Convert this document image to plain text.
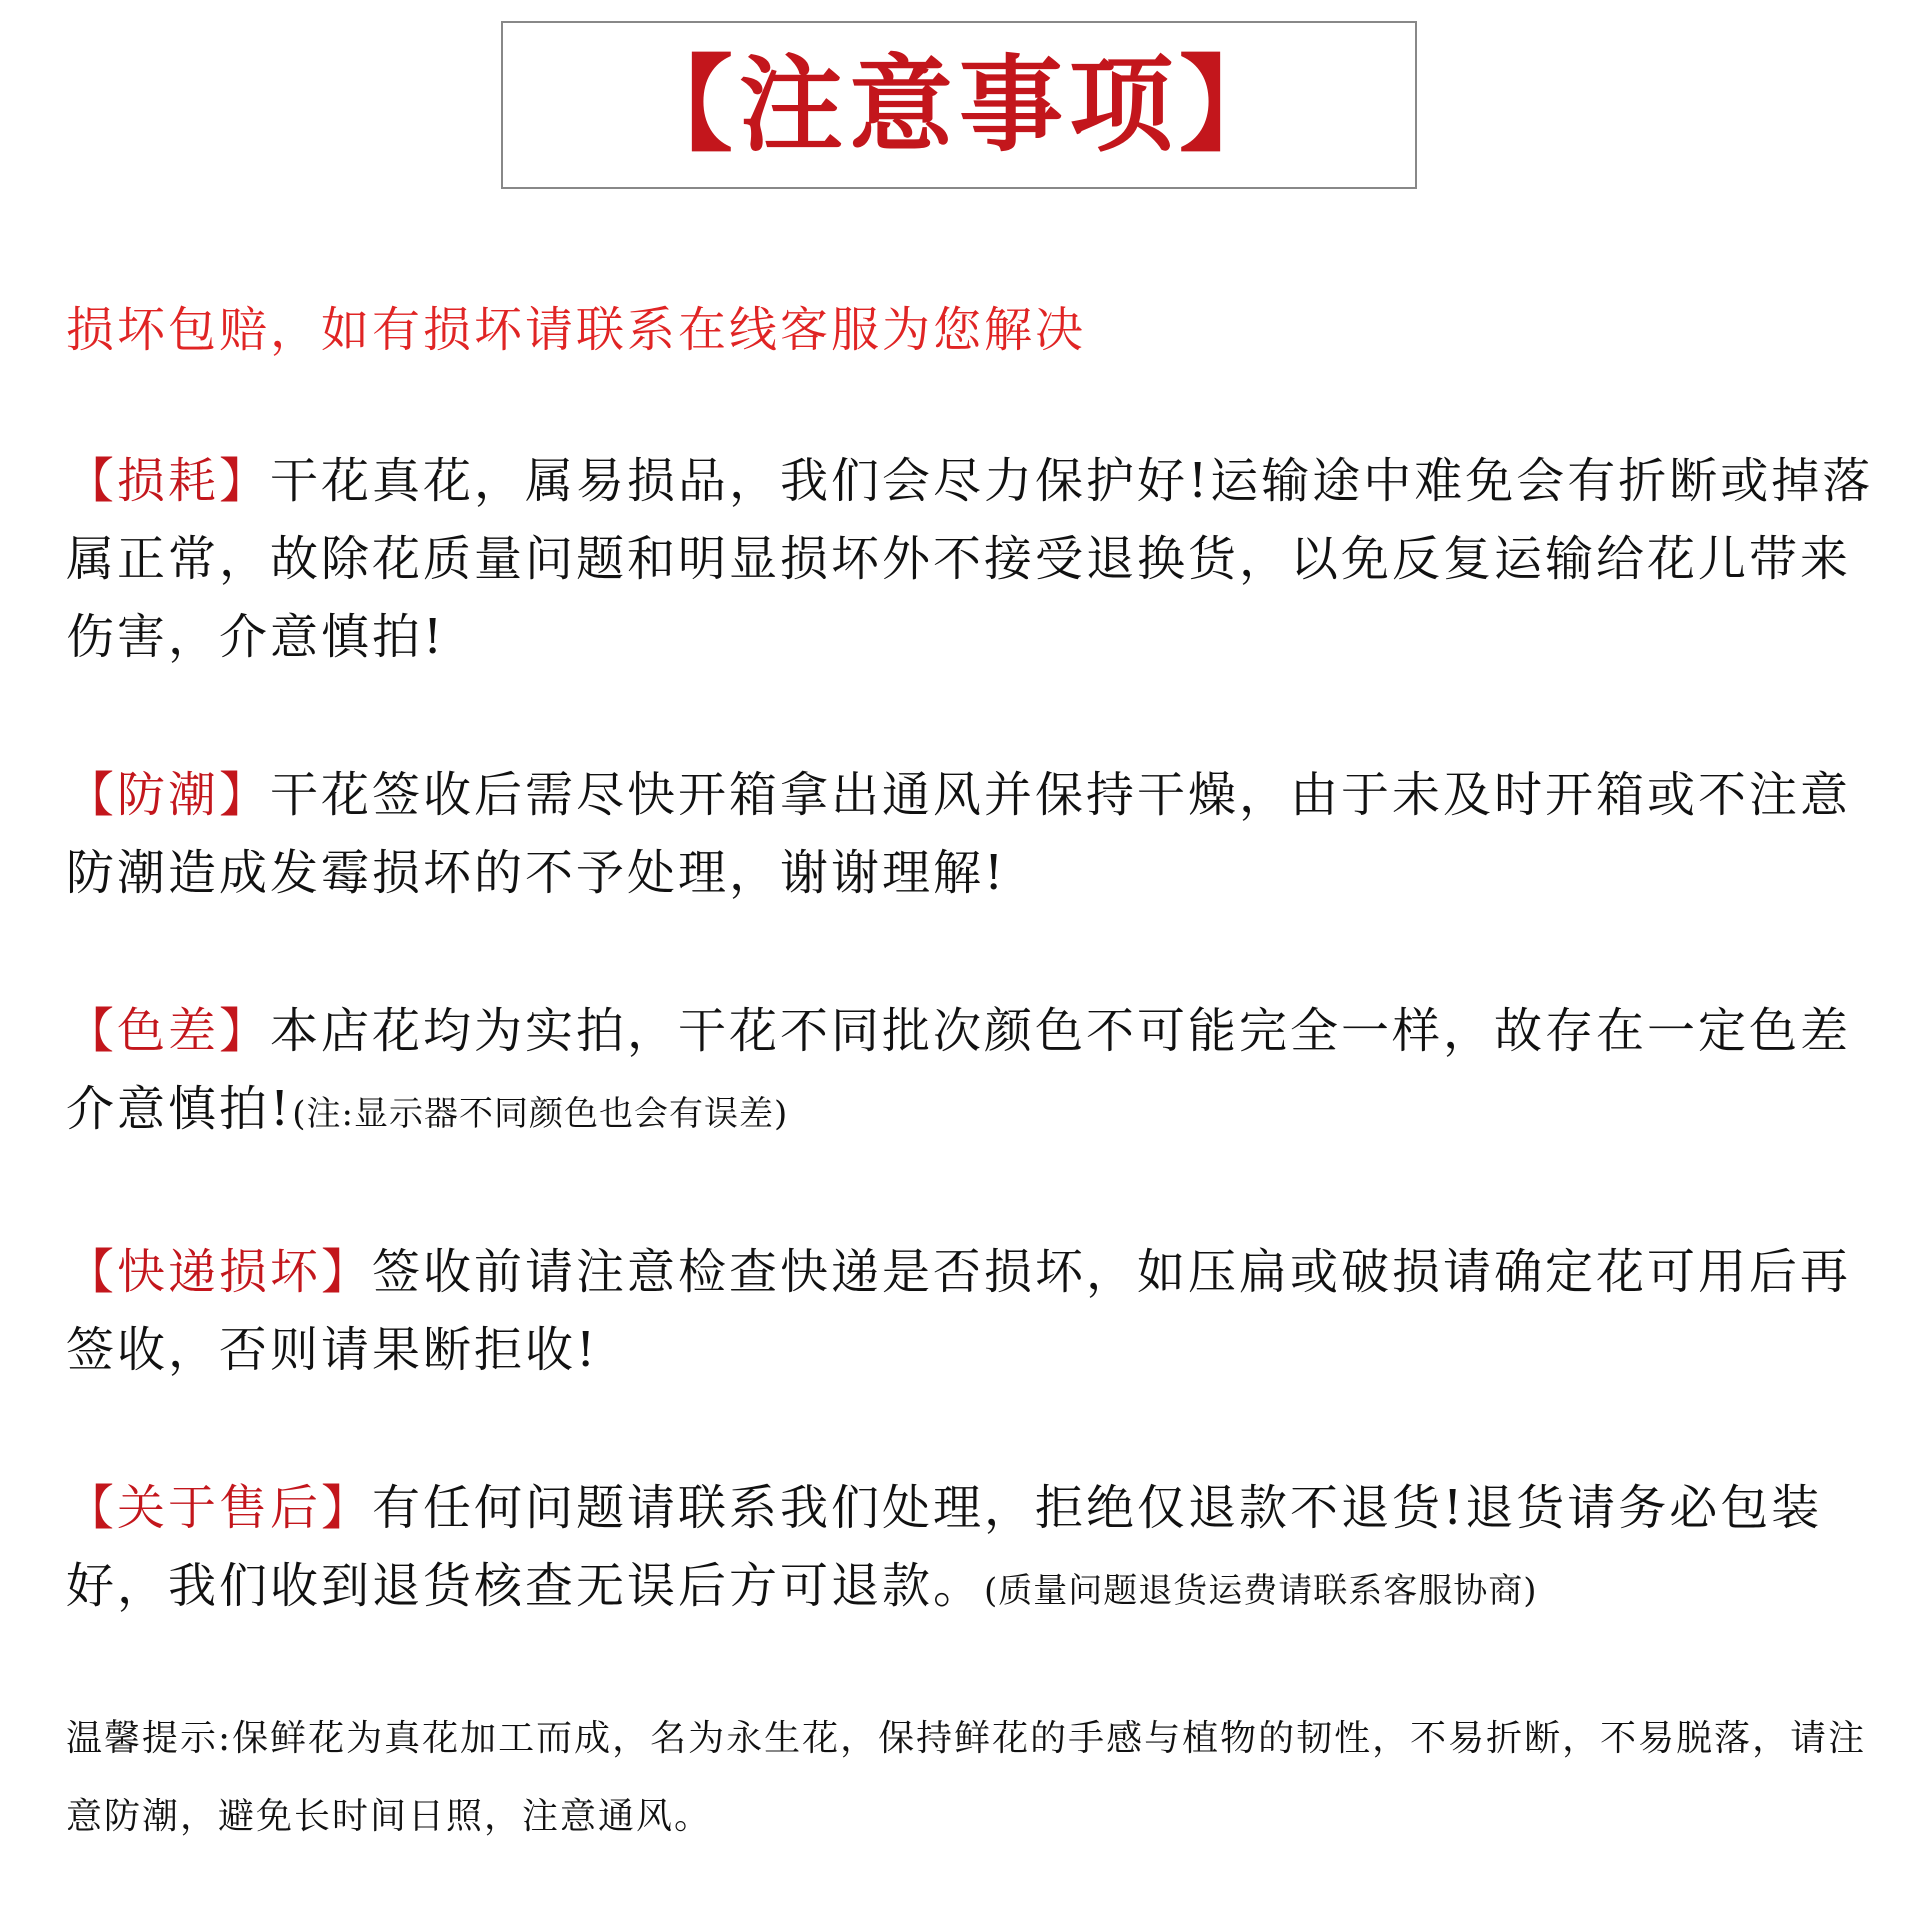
【注意事项】

损坏包赔，如有损坏请联系在线客服为您解决

【损耗】干花真花，属易损品，我们会尽力保护好!运输途中难免会有折断或掉落属正常，故除花质量问题和明显损坏外不接受退换货，以免反复运输给花儿带来伤害，介意慎拍!

【防潮】干花签收后需尽快开箱拿出通风并保持干燥，由于未及时开箱或不注意防潮造成发霉损坏的不予处理，谢谢理解!

【色差】本店花均为实拍，干花不同批次颜色不可能完全一样，故存在一定色差介意慎拍!(注:显示器不同颜色也会有误差)

【快递损坏】签收前请注意检查快递是否损坏，如压扁或破损请确定花可用后再签收，否则请果断拒收!

【关于售后】有任何问题请联系我们处理，拒绝仅退款不退货!退货请务必包装好，我们收到退货核查无误后方可退款。(质量问题退货运费请联系客服协商)

温馨提示:保鲜花为真花加工而成，名为永生花，保持鲜花的手感与植物的韧性，不易折断，不易脱落，请注意防潮，避免长时间日照，注意通风。
